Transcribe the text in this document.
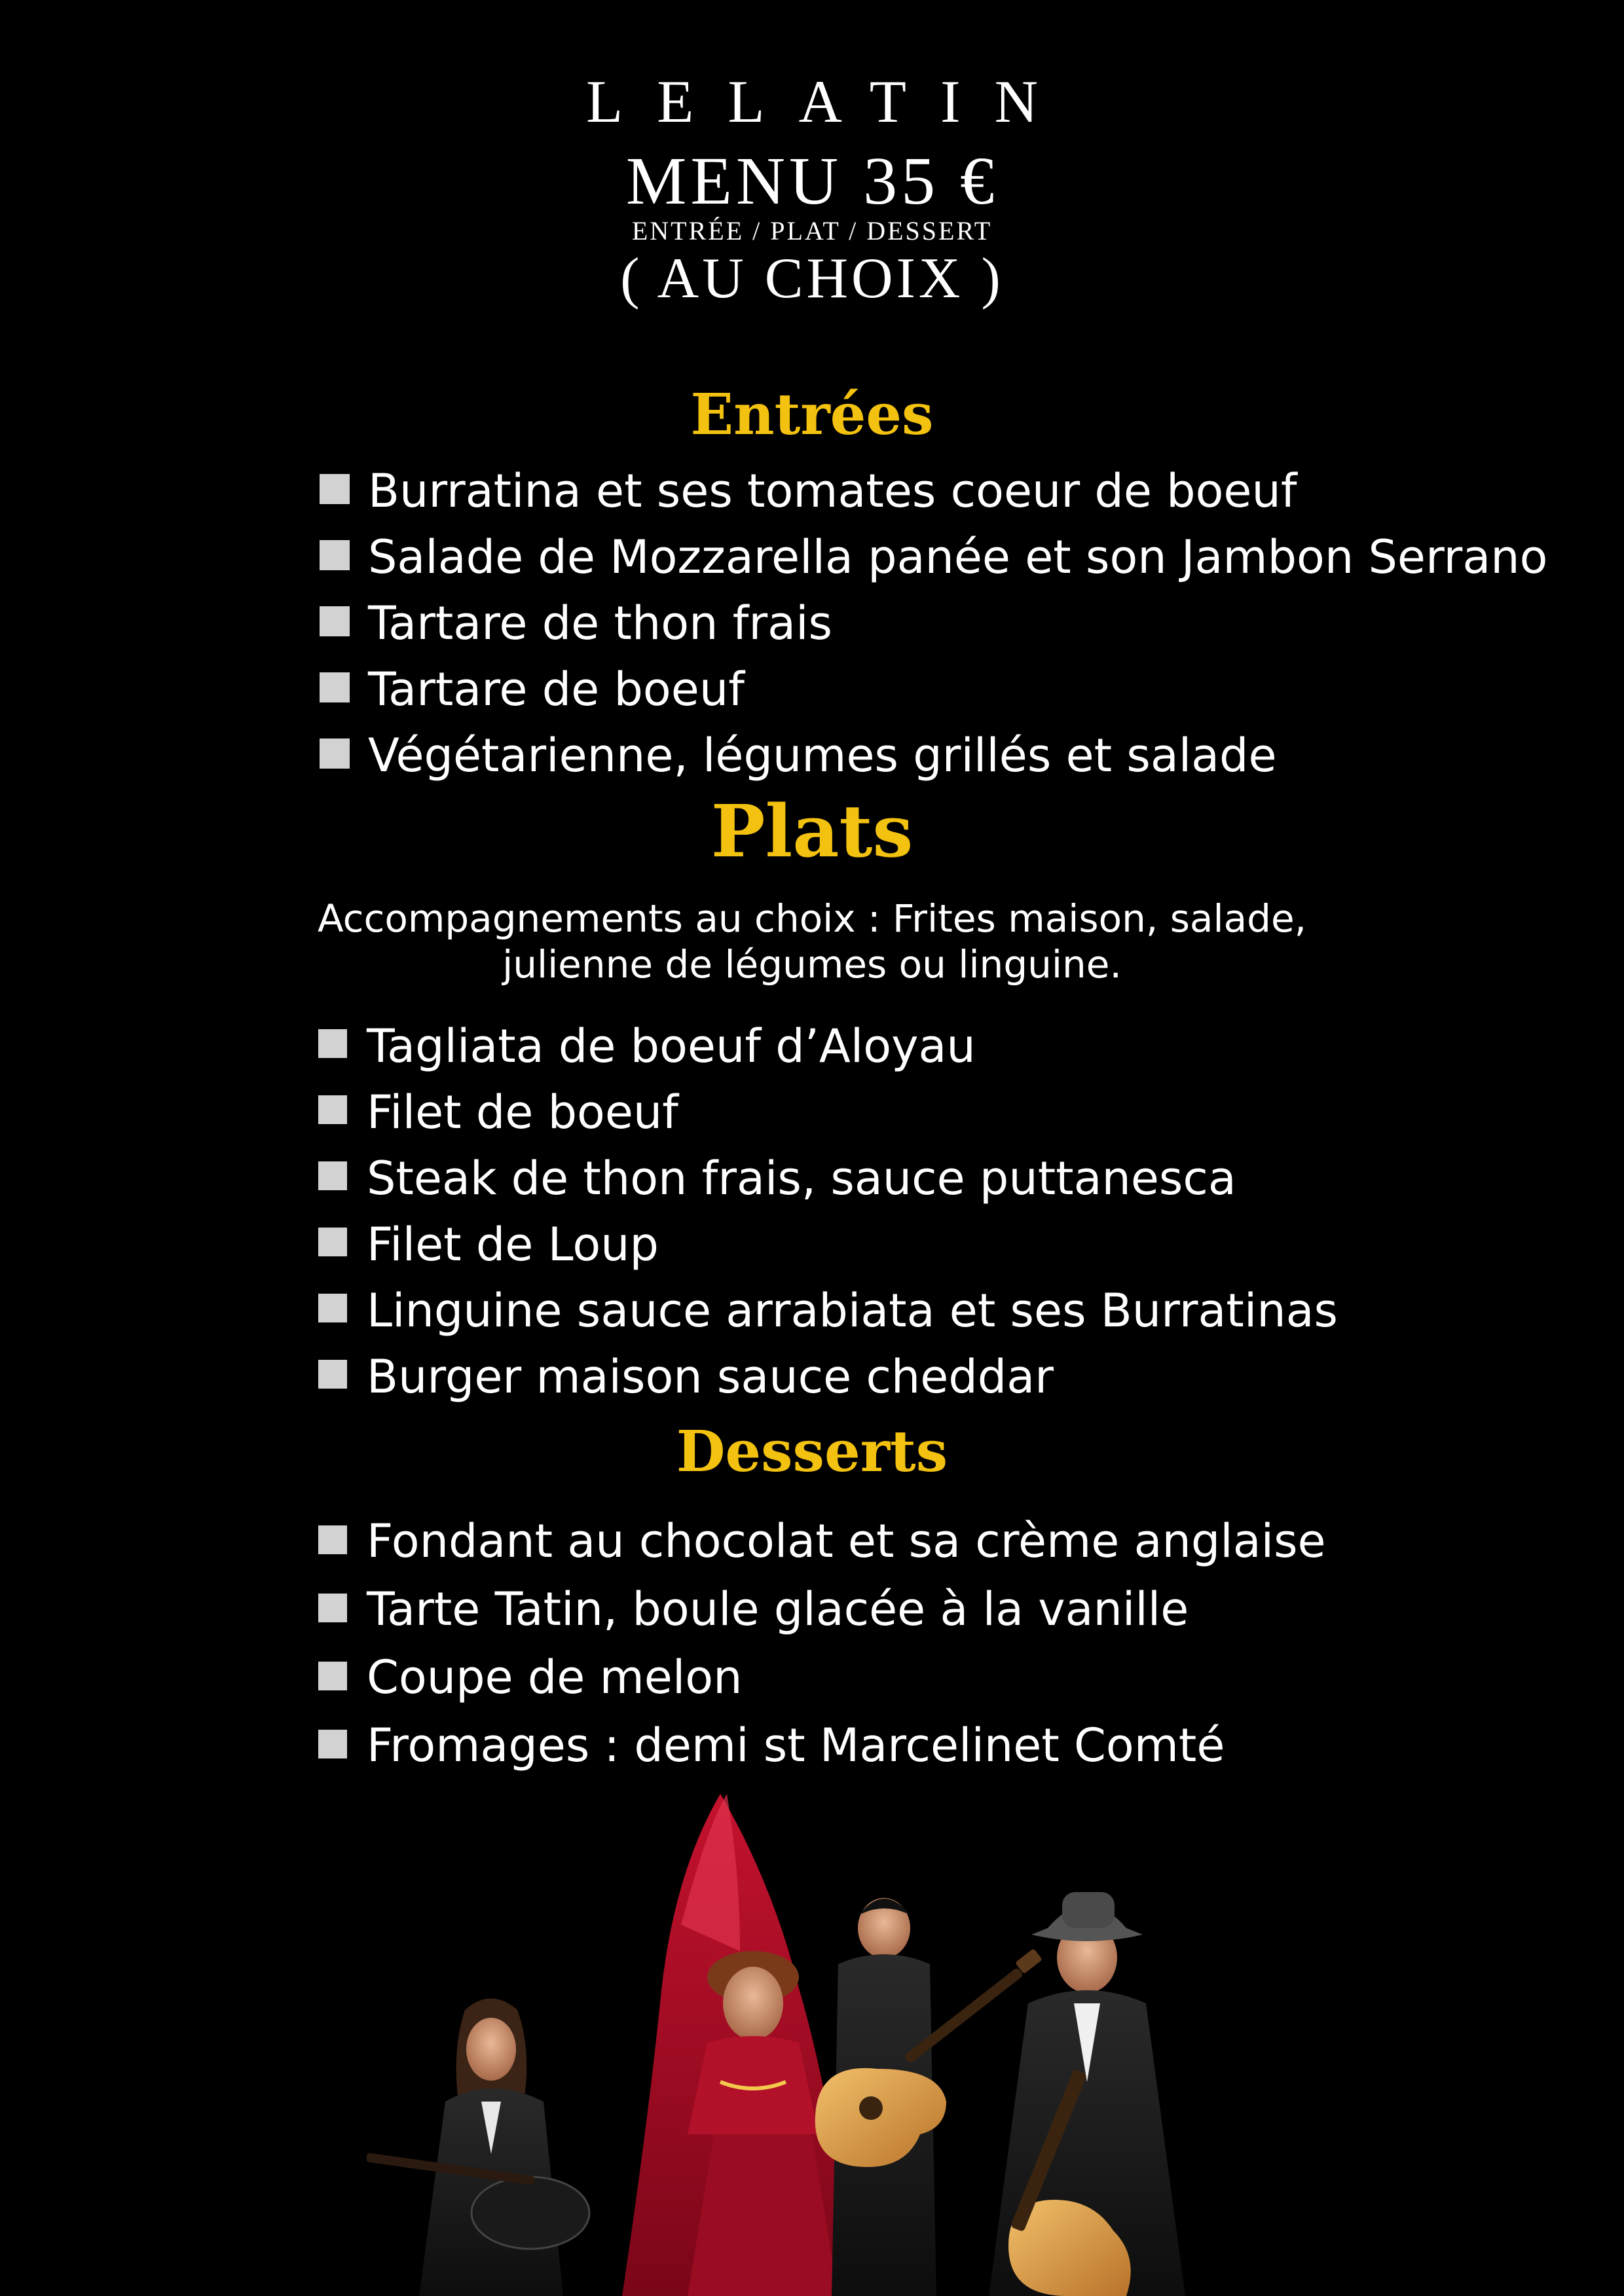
LELATIN
MENU 35 €
ENTRÉE / PLAT / DESSERT
( AU CHOIX )
Entrées
Burratina et ses tomates coeur de boeuf
Salade de Mozzarella panée et son Jambon Serrano
Tartare de thon frais
Tartare de boeuf
Végétarienne, légumes grillés et salade
Plats
Accompagnements au choix : Frites maison, salade,
julienne de légumes ou linguine.
Tagliata de boeuf d’Aloyau
Filet de boeuf
Steak de thon frais, sauce puttanesca
Filet de Loup
Linguine sauce arrabiata et ses Burratinas
Burger maison sauce cheddar
Desserts
Fondant au chocolat et sa crème anglaise
Tarte Tatin, boule glacée à la vanille
Coupe de melon
Fromages : demi st Marcelinet Comté
